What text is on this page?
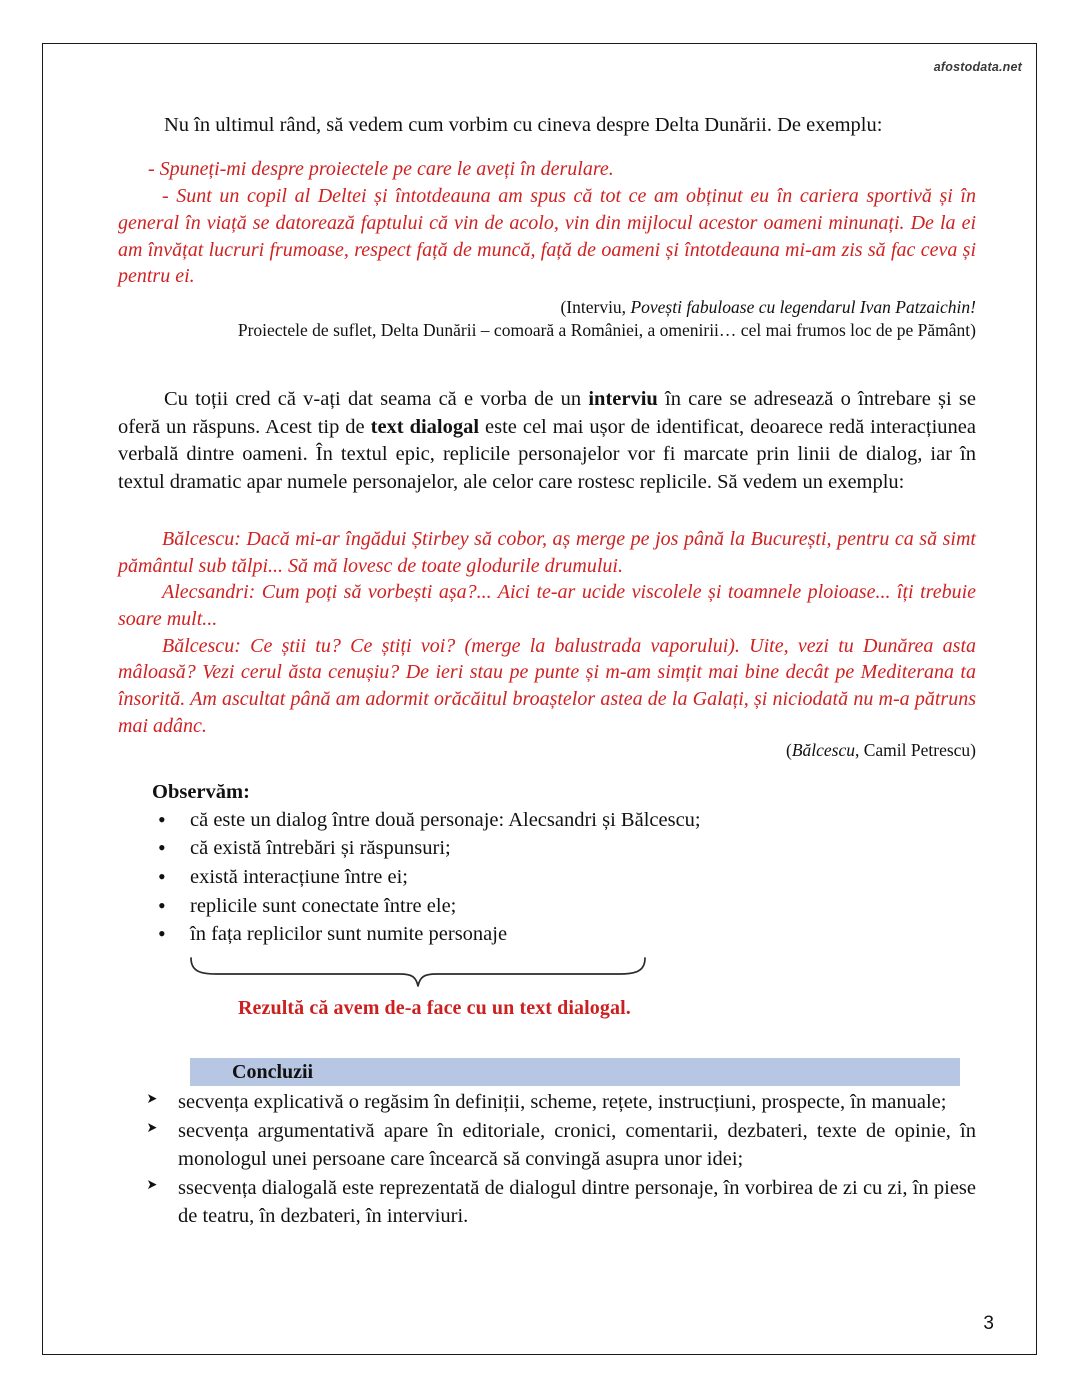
afostodata.net

Nu în ultimul rând, să vedem cum vorbim cu cineva despre Delta Dunării. De exemplu:

- Spuneți-mi despre proiectele pe care le aveți în derulare.

- Sunt un copil al Deltei și întotdeauna am spus că tot ce am obținut eu în cariera sportivă și în general în viață se datorează faptului că vin de acolo, vin din mijlocul acestor oameni minunați. De la ei am învățat lucruri frumoase, respect față de muncă, față de oameni și întotdeauna mi-am zis să fac ceva și pentru ei.

(Interviu, Povești fabuloase cu legendarul Ivan Patzaichin!

Proiectele de suflet, Delta Dunării – comoară a României, a omenirii… cel mai frumos loc de pe Pământ)

Cu toții cred că v-ați dat seama că e vorba de un interviu în care se adresează o întrebare și se oferă un răspuns. Acest tip de text dialogal este cel mai ușor de identificat, deoarece redă interacțiunea verbală dintre oameni. În textul epic, replicile personajelor vor fi marcate prin linii de dialog, iar în textul dramatic apar numele personajelor, ale celor care rostesc replicile. Să vedem un exemplu:

Bălcescu: Dacă mi-ar îngădui Știrbey să cobor, aș merge pe jos până la București, pentru ca să simt pământul sub tălpi... Să mă lovesc de toate glodurile drumului.

Alecsandri: Cum poți să vorbești așa?... Aici te-ar ucide viscolele și toamnele ploioase... îți trebuie soare mult...

Bălcescu: Ce știi tu? Ce știți voi? (merge la balustrada vaporului). Uite, vezi tu Dunărea asta mâloasă? Vezi cerul ăsta cenușiu? De ieri stau pe punte și m-am simțit mai bine decât pe Mediterana ta însorită. Am ascultat până am adormit orăcăitul broaștelor astea de la Galați, și niciodată nu m-a pătruns mai adânc.

(Bălcescu, Camil Petrescu)

Observăm:
• că este un dialog între două personaje: Alecsandri și Bălcescu;
• că există întrebări și răspunsuri;
• există interacțiune între ei;
• replicile sunt conectate între ele;
• în fața replicilor sunt numite personaje
Rezultă că avem de-a face cu un text dialogal.
Concluzii
➤ secvența explicativă o regăsim în definiții, scheme, rețete, instrucțiuni, prospecte, în manuale;
➤ secvența argumentativă apare în editoriale, cronici, comentarii, dezbateri, texte de opinie, în monologul unei persoane care încearcă să convingă asupra unor idei;
➤ ssecvența dialogală este reprezentată de dialogul dintre personaje, în vorbirea de zi cu zi, în piese de teatru, în dezbateri, în interviuri.
3
